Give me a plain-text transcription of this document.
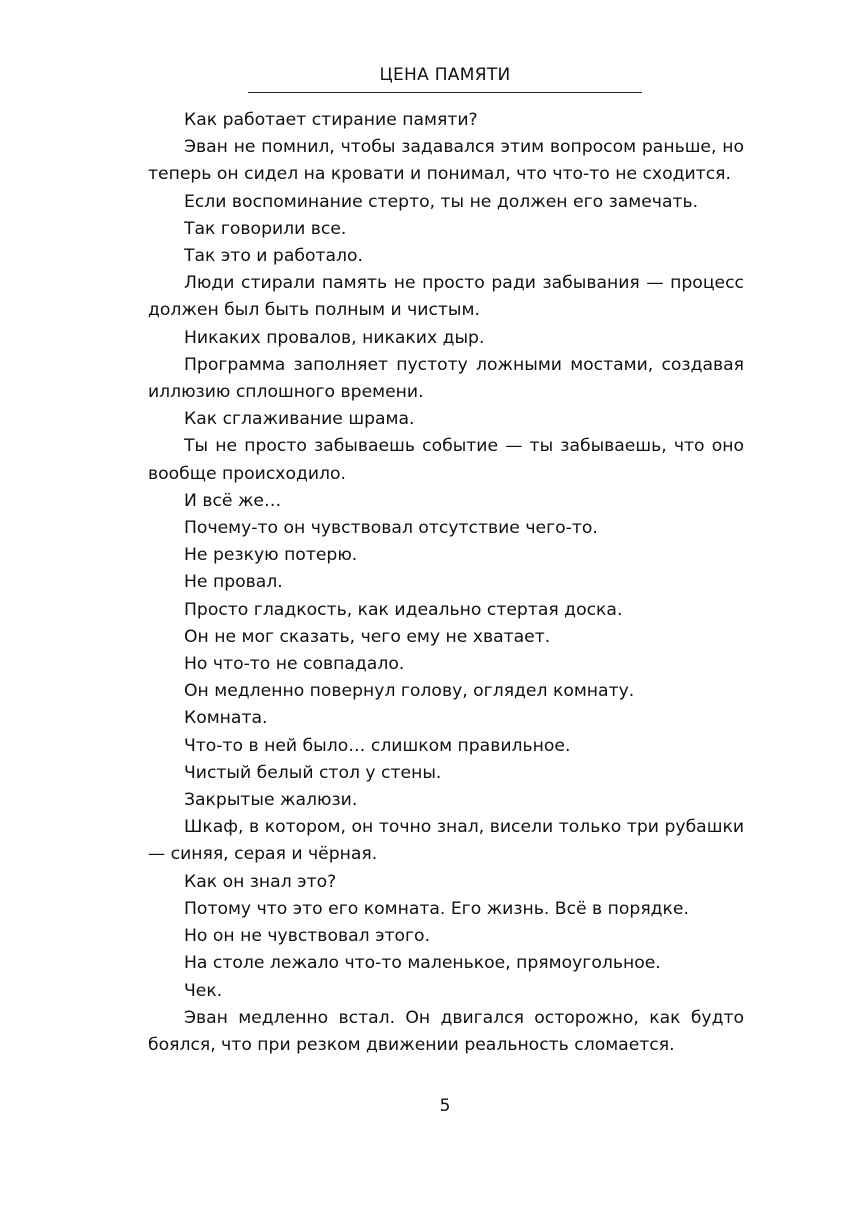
ЦЕНА ПАМЯТИ

Как работает стирание памяти?

Эван не помнил, чтобы задавался этим вопросом раньше, но теперь он сидел на кровати и понимал, что что-то не сходится.

Если воспоминание стерто, ты не должен его замечать.

Так говорили все.

Так это и работало.

Люди стирали память не просто ради забывания — процесс должен был быть полным и чистым.

Никаких провалов, никаких дыр.

Программа заполняет пустоту ложными мостами, создавая иллюзию сплошного времени.

Как сглаживание шрама.

Ты не просто забываешь событие — ты забываешь, что оно вообще происходило.

И всё же…

Почему-то он чувствовал отсутствие чего-то.

Не резкую потерю.

Не провал.

Просто гладкость, как идеально стертая доска.

Он не мог сказать, чего ему не хватает.

Но что-то не совпадало.

Он медленно повернул голову, оглядел комнату.

Комната.

Что-то в ней было… слишком правильное.

Чистый белый стол у стены.

Закрытые жалюзи.

Шкаф, в котором, он точно знал, висели только три рубашки — синяя, серая и чёрная.

Как он знал это?

Потому что это его комната. Его жизнь. Всё в порядке.

Но он не чувствовал этого.

На столе лежало что-то маленькое, прямоугольное.

Чек.

Эван медленно встал. Он двигался осторожно, как будто боялся, что при резком движении реальность сломается.

5
